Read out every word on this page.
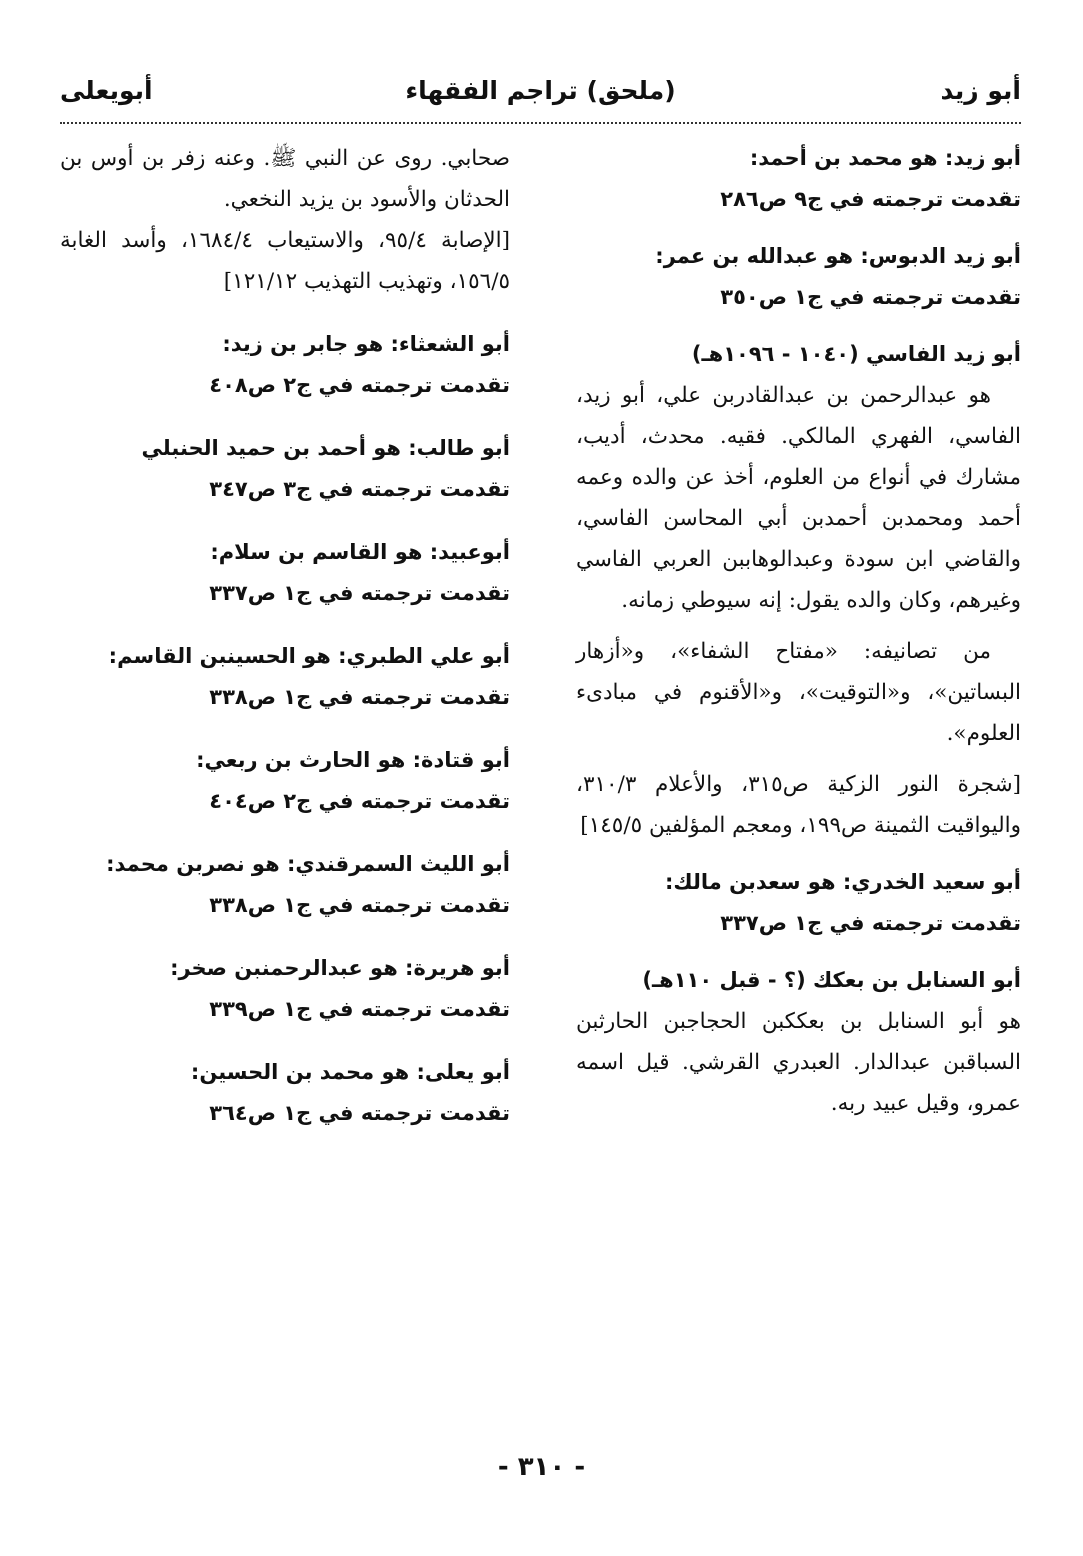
أبو زيد
(ملحق) تراجم الفقهاء
أبويعلى
أبو زيد: هو محمد بن أحمد:
تقدمت ترجمته في ج٩ ص٢٨٦
أبو زيد الدبوس: هو عبدالله بن عمر:
تقدمت ترجمته في ج١ ص٣٥٠
أبو زيد الفاسي (١٠٤٠ - ١٠٩٦هـ)
هو عبدالرحمن بن عبدالقادربن علي، أبو زيد، الفاسي، الفهري المالكي. فقيه. محدث، أديب، مشارك في أنواع من العلوم، أخذ عن والده وعمه أحمد ومحمدبن أحمدبن أبي المحاسن الفاسي، والقاضي ابن سودة وعبدالوهاببن العربي الفاسي وغيرهم، وكان والده يقول: إنه سيوطي زمانه.
من تصانيفه: «مفتاح الشفاء»، و«أزهار البساتين»، و«التوقيت»، و«الأقنوم في مبادىء العلوم».
[شجرة النور الزكية ص٣١٥، والأعلام ٣١٠/٣، واليواقيت الثمينة ص١٩٩، ومعجم المؤلفين ١٤٥/٥]
أبو سعيد الخدري: هو سعدبن مالك:
تقدمت ترجمته في ج١ ص٣٣٧
أبو السنابل بن بعكك (؟ - قبل ١١٠هـ)
هو أبو السنابل بن بعككبن الحجاجبن الحارثبن السباقبن عبدالدار. العبدري القرشي. قيل اسمه عمرو، وقيل عبيد ربه.
صحابي. روى عن النبي ﷺ. وعنه زفر بن أوس بن الحدثان والأسود بن يزيد النخعي.
[الإصابة ٩٥/٤، والاستيعاب ١٦٨٤/٤، وأسد الغابة ١٥٦/٥، وتهذيب التهذيب ١٢١/١٢]
أبو الشعثاء: هو جابر بن زيد:
تقدمت ترجمته في ج٢ ص٤٠٨
أبو طالب: هو أحمد بن حميد الحنبلي
تقدمت ترجمته في ج٣ ص٣٤٧
أبوعبيد: هو القاسم بن سلام:
تقدمت ترجمته في ج١ ص٣٣٧
أبو علي الطبري: هو الحسينبن القاسم:
تقدمت ترجمته في ج١ ص٣٣٨
أبو قتادة: هو الحارث بن ربعي:
تقدمت ترجمته في ج٢ ص٤٠٤
أبو الليث السمرقندي: هو نصربن محمد:
تقدمت ترجمته في ج١ ص٣٣٨
أبو هريرة: هو عبدالرحمنبن صخر:
تقدمت ترجمته في ج١ ص٣٣٩
أبو يعلى: هو محمد بن الحسين:
تقدمت ترجمته في ج١ ص٣٦٤
- ٣١٠ -
